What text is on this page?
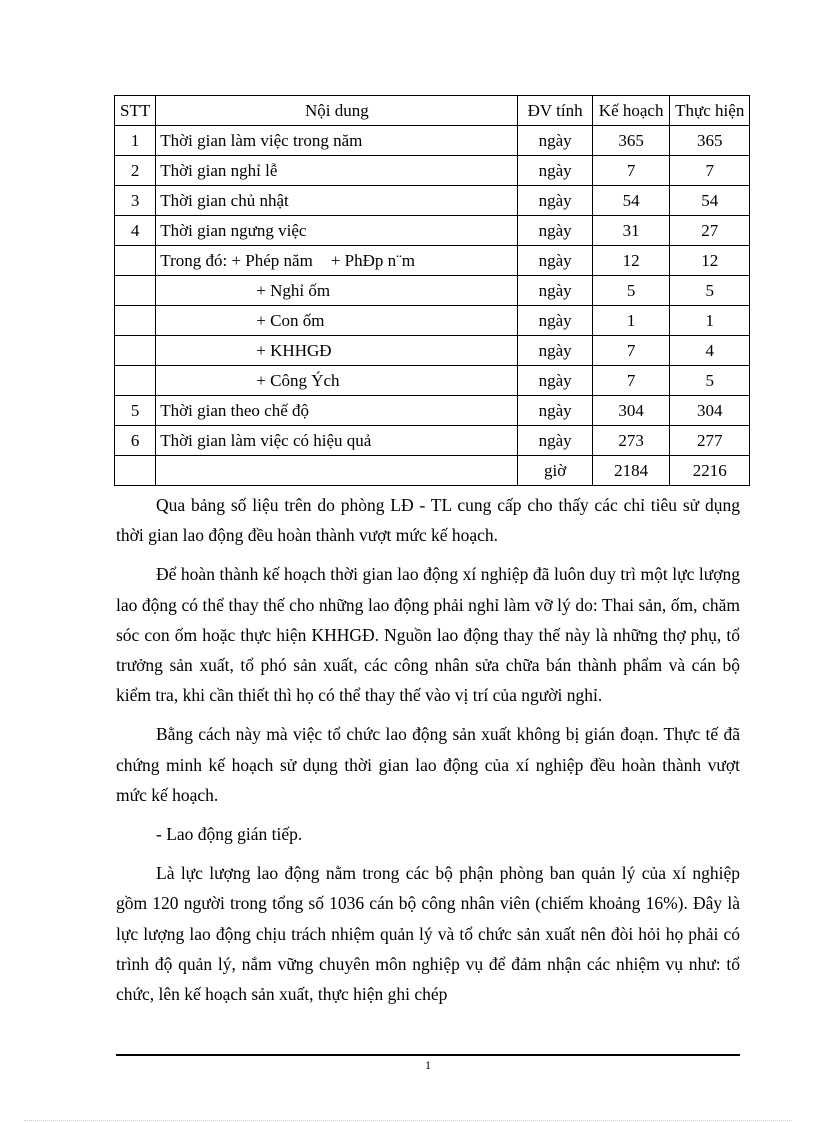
STT	Nội dung	ĐV tính	Kế hoạch	Thực hiện
1	Thời gian làm việc trong năm	ngày	365	365
2	Thời gian nghỉ lễ	ngày	7	7
3	Thời gian chủ nhật	ngày	54	54
4	Thời gian ngưng việc	ngày	31	27
	Trong đó: + Phép năm + PhÐp n¨m	ngày	12	12
	+ Nghỉ ốm	ngày	5	5
	+ Con ốm	ngày	1	1
	+ KHHGĐ	ngày	7	4
	+ Công Ých	ngày	7	5
5	Thời gian theo chế độ	ngày	304	304
6	Thời gian làm việc có hiệu quả	ngày	273	277
		giờ	2184	2216

Qua bảng số liệu trên do phòng LĐ - TL cung cấp cho thấy các chỉ tiêu sử dụng thời gian lao động đều hoàn thành vượt mức kế hoạch.

Để hoàn thành kế hoạch thời gian lao động xí nghiệp đã luôn duy trì một lực lượng lao động có thể thay thế cho những lao động phải nghỉ làm vỡ lý do: Thai sản, ốm, chăm sóc con ốm hoặc thực hiện KHHGĐ. Nguồn lao động thay thế này là những thợ phụ, tổ trưởng sản xuất, tổ phó sản xuất, các công nhân sửa chữa bán thành phẩm và cán bộ kiểm tra, khi cần thiết thì họ có thể thay thế vào vị trí của người nghỉ.

Bằng cách này mà việc tổ chức lao động sản xuất không bị gián đoạn. Thực tế đã chứng minh kế hoạch sử dụng thời gian lao động của xí nghiệp đều hoàn thành vượt mức kế hoạch.

- Lao động gián tiếp.

Là lực lượng lao động nằm trong các bộ phận phòng ban quản lý của xí nghiệp gồm 120 người trong tổng số 1036 cán bộ công nhân viên (chiếm khoảng 16%). Đây là lực lượng lao động chịu trách nhiệm quản lý và tổ chức sản xuất nên đòi hỏi họ phải có trình độ quản lý, nắm vững chuyên môn nghiệp vụ để đảm nhận các nhiệm vụ như: tổ chức, lên kế hoạch sản xuất, thực hiện ghi chép

1
